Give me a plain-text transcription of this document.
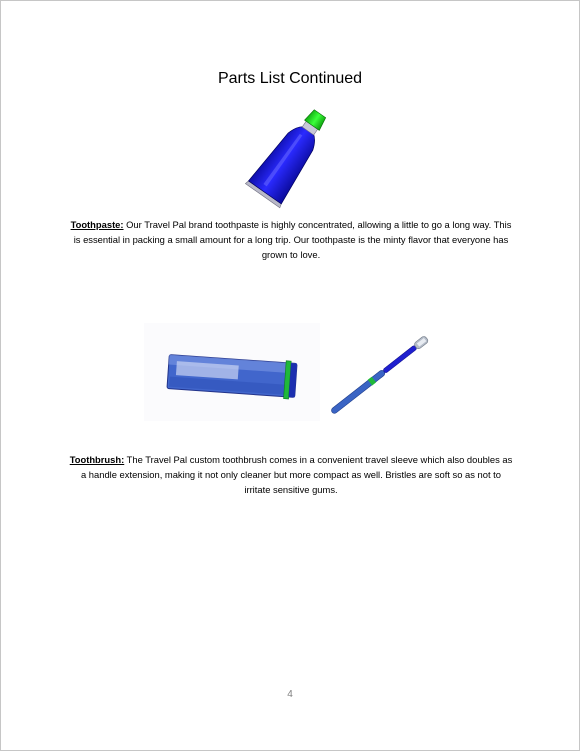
Parts List Continued
Toothpaste: Our Travel Pal brand toothpaste is highly concentrated, allowing a little to go a long way. This is essential in packing a small amount for a long trip. Our toothpaste is the minty flavor that everyone has grown to love.
Toothbrush: The Travel Pal custom toothbrush comes in a convenient travel sleeve which also doubles as a handle extension, making it not only cleaner but more compact as well. Bristles are soft so as not to irritate sensitive gums.
4
